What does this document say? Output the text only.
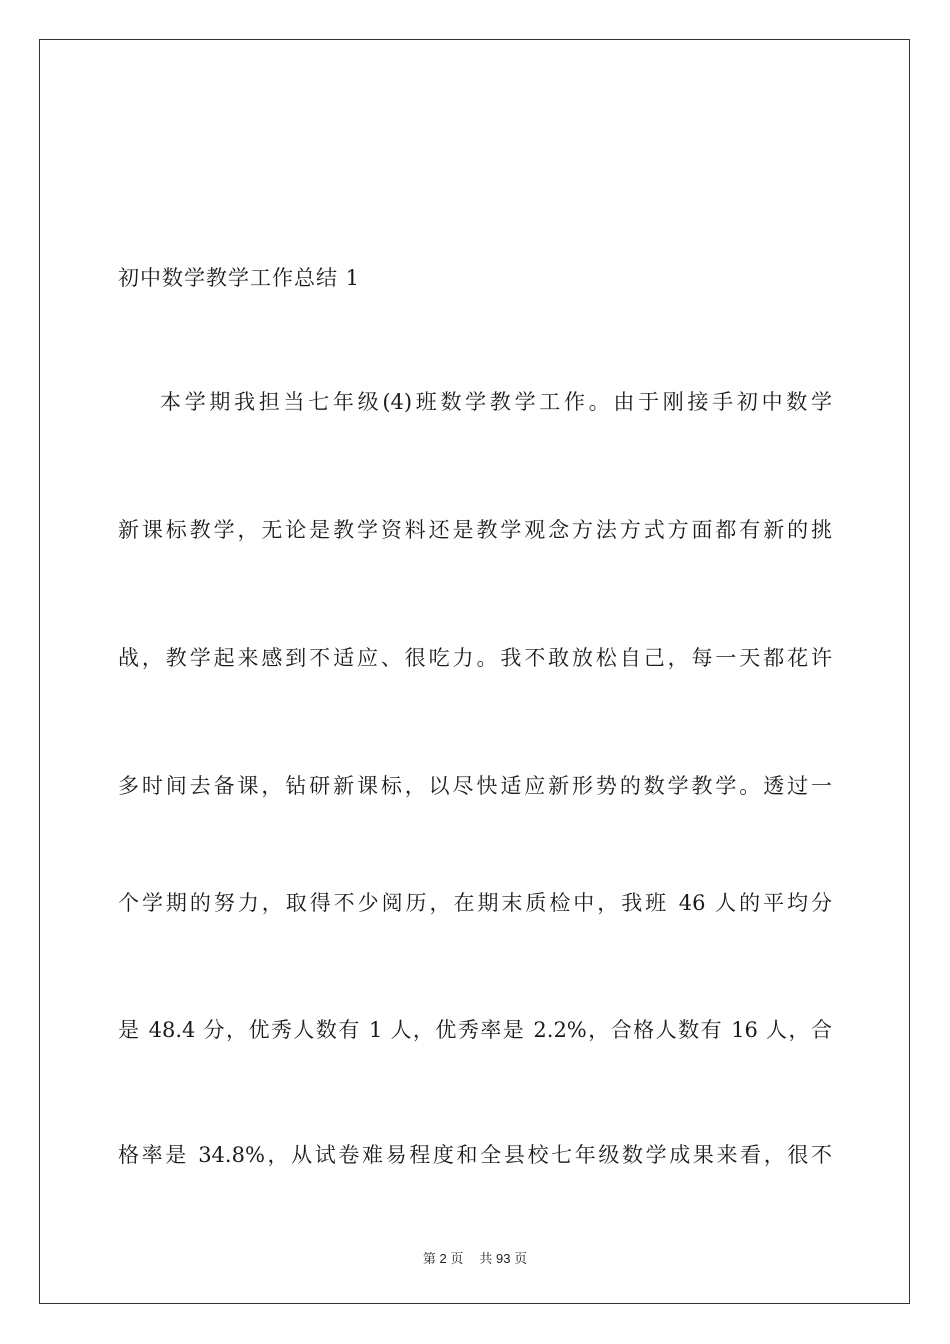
初中数学教学工作总结 1
本学期我担当七年级(4)班数学教学工作。由于刚接手初中数学
新课标教学，无论是教学资料还是教学观念方法方式方面都有新的挑
战，教学起来感到不适应、很吃力。我不敢放松自己，每一天都花许
多时间去备课，钻研新课标，以尽快适应新形势的数学教学。透过一
个学期的努力，取得不少阅历，在期末质检中，我班 46 人的平均分
是 48.4 分，优秀人数有 1 人，优秀率是 2.2%，合格人数有 16 人，合
格率是 34.8%，从试卷难易程度和全县校七年级数学成果来看，很不
第 2 页 共 93 页
